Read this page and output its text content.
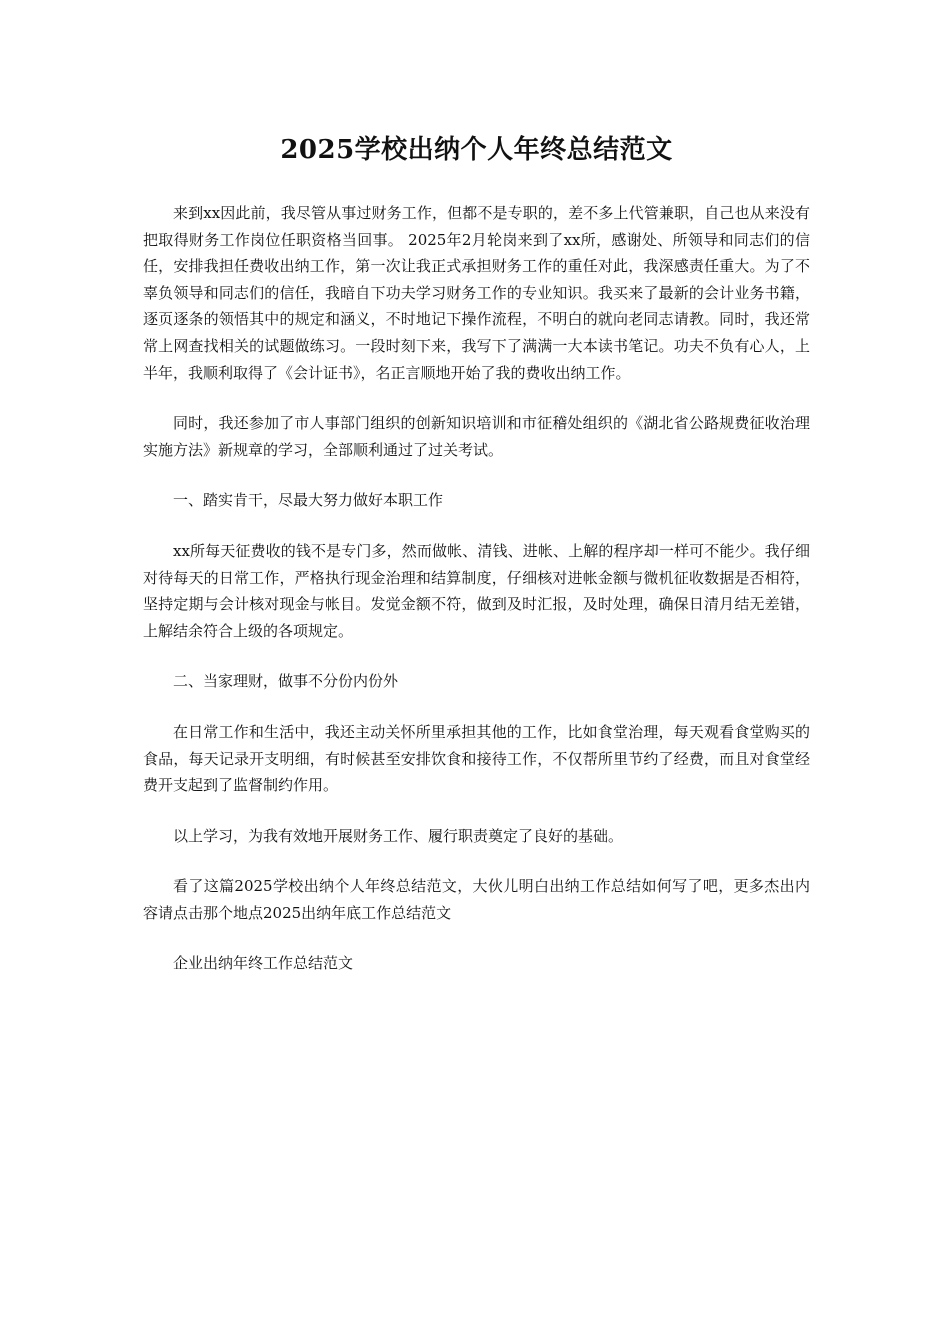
2025学校出纳个人年终总结范文

来到xx因此前，我尽管从事过财务工作，但都不是专职的，差不多上代管兼职，自己也从来没有把取得财务工作岗位任职资格当回事。 2025年2月轮岗来到了xx所，感谢处、所领导和同志们的信任，安排我担任费收出纳工作，第一次让我正式承担财务工作的重任对此，我深感责任重大。为了不辜负领导和同志们的信任，我暗自下功夫学习财务工作的专业知识。我买来了最新的会计业务书籍，逐页逐条的领悟其中的规定和涵义，不时地记下操作流程，不明白的就向老同志请教。同时，我还常常上网查找相关的试题做练习。一段时刻下来，我写下了满满一大本读书笔记。功夫不负有心人，上半年，我顺利取得了《会计证书》，名正言顺地开始了我的费收出纳工作。

同时，我还参加了市人事部门组织的创新知识培训和市征稽处组织的《湖北省公路规费征收治理实施方法》新规章的学习，全部顺利通过了过关考试。

一、踏实肯干，尽最大努力做好本职工作

xx所每天征费收的钱不是专门多，然而做帐、清钱、进帐、上解的程序却一样可不能少。我仔细对待每天的日常工作，严格执行现金治理和结算制度，仔细核对进帐金额与微机征收数据是否相符，坚持定期与会计核对现金与帐目。发觉金额不符，做到及时汇报，及时处理，确保日清月结无差错，上解结余符合上级的各项规定。

二、当家理财，做事不分份内份外

在日常工作和生活中，我还主动关怀所里承担其他的工作，比如食堂治理，每天观看食堂购买的食品，每天记录开支明细，有时候甚至安排饮食和接待工作，不仅帮所里节约了经费，而且对食堂经费开支起到了监督制约作用。

以上学习，为我有效地开展财务工作、履行职责奠定了良好的基础。

看了这篇2025学校出纳个人年终总结范文，大伙儿明白出纳工作总结如何写了吧，更多杰出内容请点击那个地点2025出纳年底工作总结范文

企业出纳年终工作总结范文
